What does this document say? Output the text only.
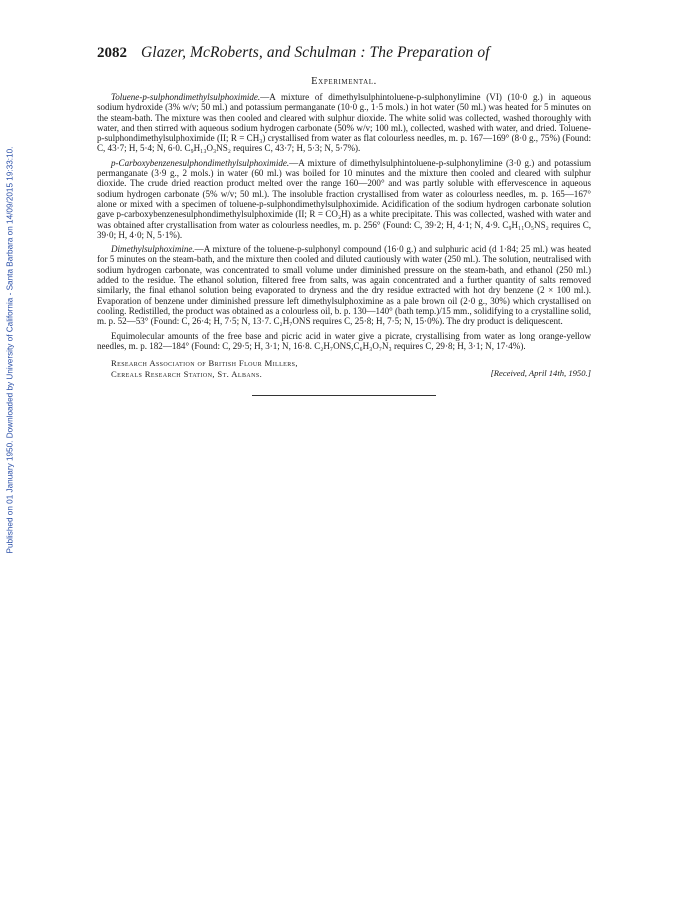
Published on 01 January 1950. Downloaded by University of California - Santa Barbara on 14/09/2015 19:33:10.
2082 Glazer, McRoberts, and Schulman : The Preparation of
Experimental.

Toluene-p-sulphondimethylsulphoximide.—A mixture of dimethylsulphintoluene-p-sulphonylimine (VI) (10·0 g.) in aqueous sodium hydroxide (3% w/v; 50 ml.) and potassium permanganate (10·0 g., 1·5 mols.) in hot water (50 ml.) was heated for 5 minutes on the steam-bath. The mixture was then cooled and cleared with sulphur dioxide. The white solid was collected, washed thoroughly with water, and then stirred with aqueous sodium hydrogen carbonate (50% w/v; 100 ml.), collected, washed with water, and dried. Toluene-p-sulphondimethylsulphoximide (II; R = CH₃) crystallised from water as flat colourless needles, m. p. 167—169° (8·0 g., 75%) (Found: C, 43·7; H, 5·4; N, 6·0. C₉H₁₃O₃NS₂ requires C, 43·7; H, 5·3; N, 5·7%).

p-Carboxybenzenesulphondimethylsulphoximide.—A mixture of dimethylsulphintoluene-p-sulphonylimine (3·0 g.) and potassium permanganate (3·9 g., 2 mols.) in water (60 ml.) was boiled for 10 minutes and the mixture then cooled and cleared with sulphur dioxide. The crude dried reaction product melted over the range 160—200° and was partly soluble with effervescence in aqueous sodium hydrogen carbonate (5% w/v; 50 ml.). The insoluble fraction crystallised from water as colourless needles, m. p. 165—167° alone or mixed with a specimen of toluene-p-sulphondimethylsulphoximide. Acidification of the sodium hydrogen carbonate solution gave p-carboxybenzenesulphondimethylsulphoximide (II; R = CO₂H) as a white precipitate. This was collected, washed with water and was obtained after crystallisation from water as colourless needles, m. p. 256° (Found: C, 39·2; H, 4·1; N, 4·9. C₉H₁₁O₅NS₂ requires C, 39·0; H, 4·0; N, 5·1%).

Dimethylsulphoximine.—A mixture of the toluene-p-sulphonyl compound (16·0 g.) and sulphuric acid (d 1·84; 25 ml.) was heated for 5 minutes on the steam-bath, and the mixture then cooled and diluted cautiously with water (250 ml.). The solution, neutralised with sodium hydrogen carbonate, was concentrated to small volume under diminished pressure on the steam-bath, and ethanol (250 ml.) added to the residue. The ethanol solution, filtered free from salts, was again concentrated and a further quantity of salts removed similarly, the final ethanol solution being evaporated to dryness and the dry residue extracted with hot dry benzene (2 × 100 ml.). Evaporation of benzene under diminished pressure left dimethylsulphoximine as a pale brown oil (2·0 g., 30%) which crystallised on cooling. Redistilled, the product was obtained as a colourless oil, b. p. 130—140° (bath temp.)/15 mm., solidifying to a crystalline solid, m. p. 52—53° (Found: C, 26·4; H, 7·5; N, 13·7. C₂H₇ONS requires C, 25·8; H, 7·5; N, 15·0%). The dry product is deliquescent.

Equimolecular amounts of the free base and picric acid in water give a picrate, crystallising from water as long orange-yellow needles, m. p. 182—184° (Found: C, 29·5; H, 3·1; N, 16·8. C₂H₇ONS,C₆H₃O₇N₃ requires C, 29·8; H, 3·1; N, 17·4%).

Research Association of British Flour Millers,
Cereals Research Station, St. Albans.	[Received, April 14th, 1950.]
